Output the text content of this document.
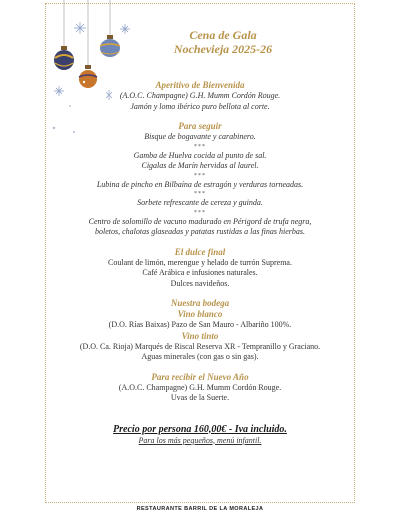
Cena de Gala
Nochevieja 2025-26
Aperitivo de Bienvenida
(A.O.C. Champagne) G.H. Mumm Cordón Rouge.
Jamón y lomo ibérico puro bellota al corte.
Para seguir
Bisque de bogavante y carabinero.
***
Gamba de Huelva cocida al punto de sal.
Cigalas de Marín hervidas al laurel.
***
Lubina de pincho en Bilbaína de estragón y verduras torneadas.
***
Sorbete refrescante de cereza y guinda.
***
Centro de solomillo de vacuno madurado en Périgord de trufa negra,
boletos, chalotas glaseadas y patatas rustidas a las finas hierbas.
El dulce final
Coulant de limón, merengue y helado de turrón Suprema.
Café Arábica e infusiones naturales.
Dulces navideños.
Nuestra bodega
Vino blanco
(D.O. Rías Baixas) Pazo de San Mauro - Albariño 100%.
Vino tinto
(D.O. Ca. Rioja) Marqués de Riscal Reserva XR - Tempranillo y Graciano.
Aguas minerales (con gas o sin gas).
Para recibir el Nuevo Año
(A.O.C. Champagne) G.H. Mumm Cordón Rouge.
Uvas de la Suerte.
Precio por persona 160,00€ - Iva incluido.
Para los más pequeños, menú infantil.
RESTAURANTE BARRIL DE LA MORALEJA
